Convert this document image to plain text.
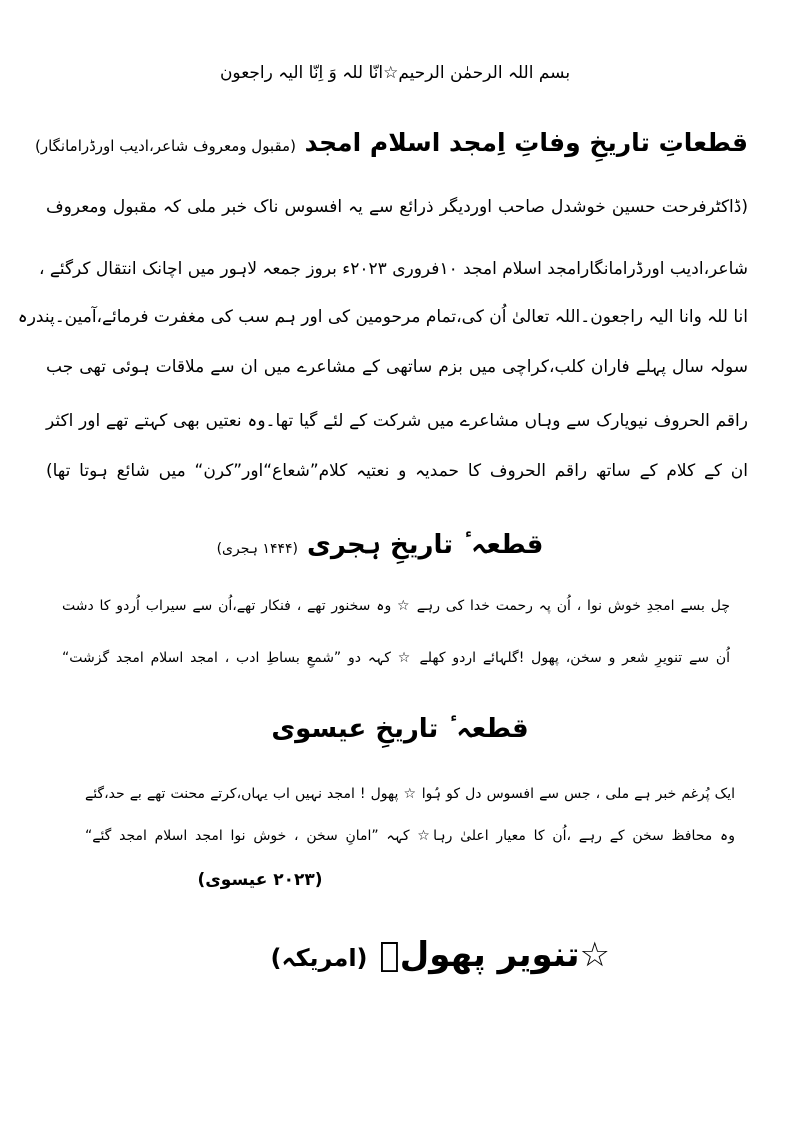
بسم اللہ الرحمٰن الرحیم☆انّا للہ وَ اِنّا الیہ راجعون
قطعاتِ تاریخِ وفاتِ اِمجد اسلام امجد (مقبول ومعروف شاعر،ادیب اورڈرامانگار)
(ڈاکٹرفرحت حسین خوشدل صاحب اوردیگر ذرائع سے یہ افسوس ناک خبر ملی کہ مقبول ومعروف
شاعر،ادیب اورڈرامانگارامجد اسلام امجد ۱۰فروری ۲۰۲۳ء بروز جمعہ لاہور میں اچانک انتقال کرگئے ،
انا للہ وانا الیہ راجعون۔اللہ تعالیٰ اُن کی،تمام مرحومین کی اور ہم سب کی مغفرت فرمائے،آمین۔پندرہ
سولہ سال پہلے فاران کلب،کراچی میں بزم ساتھی کے مشاعرے میں ان سے ملاقات ہوئی تھی جب
راقم الحروف نیویارک سے وہاں مشاعرے میں شرکت کے لئے گیا تھا۔وہ نعتیں بھی کہتے تھے اور اکثر
ان کے کلام کے ساتھ راقم الحروف کا حمدیہ و نعتیہ کلام”شعاع“اور”کرن“ میں شائع ہوتا تھا)
قطعہ ٔ تاریخِ ہجری (۱۴۴۴ ہجری)
چل بسے امجدِ خوش نوا ، اُن پہ رحمت خدا کی رہے ☆ وہ سخنور تھے ، فنکار تھے،اُن سے سیراب اُردو کا دشت
اُن سے تنویرِ شعر و سخن، پھول !گلہائے اردو کھلے ☆ کہہ دو ”شمعِ بساطِ ادب ، امجد اسلام امجد گزشت“
قطعہ ٔ تاریخِ عیسوی
ایک پُرغم خبر ہے ملی ، جس سے افسوس دل کو ہُوا ☆ پھول ! امجد نہیں اب یہاں،کرتے محنت تھے بے حد،گئے
وہ محافظ سخن کے رہے ،اُن کا معیار اعلیٰ رہا☆ کہہ ”امانِ سخن ، خوش نوا امجد اسلام امجد گئے“
(۲۰۲۳ عیسوی)
☆تنویر پھولؔ (امریکہ)
